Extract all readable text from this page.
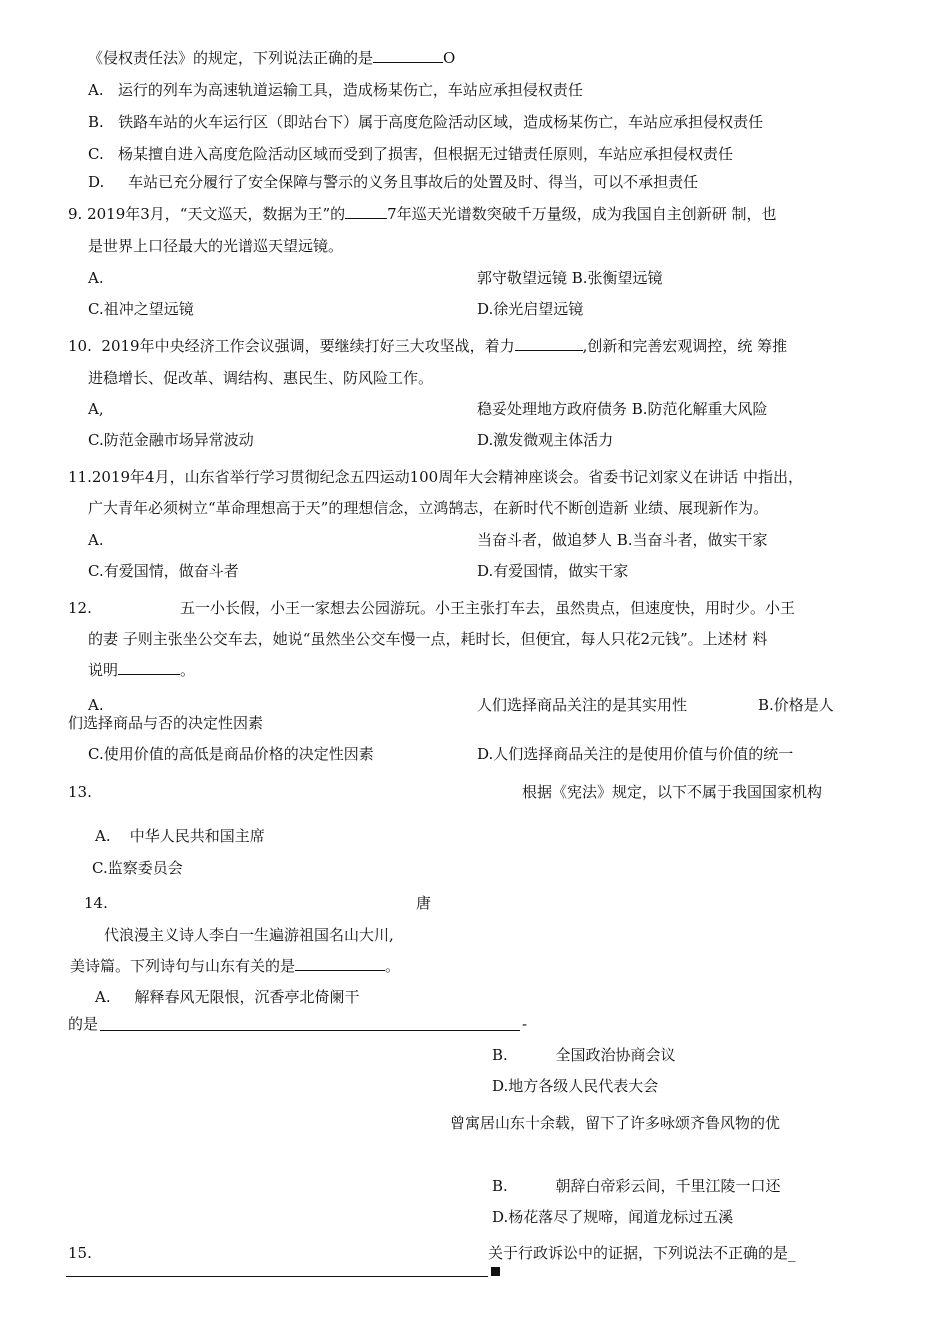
《侵权责任法》的规定，下列说法正确的是	O
A. 运行的列车为高速轨道运输工具，造成杨某伤亡，车站应承担侵权责任
B. 铁路车站的火车运行区（即站台下）属于高度危险活动区域，造成杨某伤亡，车站应承担侵权责任
C. 杨某擅自进入高度危险活动区域而受到了损害，但根据无过错责任原则，车站应承担侵权责任
D. 车站已充分履行了安全保障与警示的义务且事故后的处置及时、得当，可以不承担责任
9. 2019年3月，“天文巡天，数据为王”的	7年巡天光谱数突破千万量级，成为我国自主创新研 制，也
是世界上口径最大的光谱巡天望远镜。
A.	郭守敬望远镜 B.张衡望远镜
C.祖冲之望远镜	D.徐光启望远镜
10. 2019年中央经济工作会议强调，要继续打好三大攻坚战，着力	,创新和完善宏观调控，统 筹推
进稳增长、促改革、调结构、惠民生、防风险工作。
A,	稳妥处理地方政府债务 B.防范化解重大风险
C.防范金融市场异常波动	D.激发微观主体活力
11.2019年4月，山东省举行学习贯彻纪念五四运动100周年大会精神座谈会。省委书记刘家义在讲话 中指出，
广大青年必须树立“革命理想高于天”的理想信念，立鸿鹄志，在新时代不断创造新 业绩、展现新作为。
A.	当奋斗者，做追梦人 B.当奋斗者，做实干家
C.有爱国情，做奋斗者	D.有爱国情，做实干家
12.	五一小长假，小王一家想去公园游玩。小王主张打车去，虽然贵点，但速度快，用时少。小王
的妻 子则主张坐公交车去，她说“虽然坐公交车慢一点，耗时长，但便宜，每人只花2元钱”。上述材 料
说明	。
A.	人们选择商品关注的是其实用性	B.价格是人
们选择商品与否的决定性因素
C.使用价值的高低是商品价格的决定性因素	D.人们选择商品关注的是使用价值与价值的统一
13.	根据《宪法》规定，以下不属于我国国家机构
A. 中华人民共和国主席
C.监察委员会
14.	唐
代浪漫主义诗人李白一生遍游祖国名山大川,
美诗篇。下列诗句与山东有关的是	。
A. 解释春风无限恨，沉香亭北倚阑干
的是	-
B.	全国政治协商会议
D.地方各级人民代表大会
曾寓居山东十余载，留下了许多咏颂齐鲁风物的优
B.	朝辞白帝彩云间，千里江陵一口还
D.杨花落尽了规啼，闻道龙标过五溪
15.	关于行政诉讼中的证据，下列说法不正确的是_
